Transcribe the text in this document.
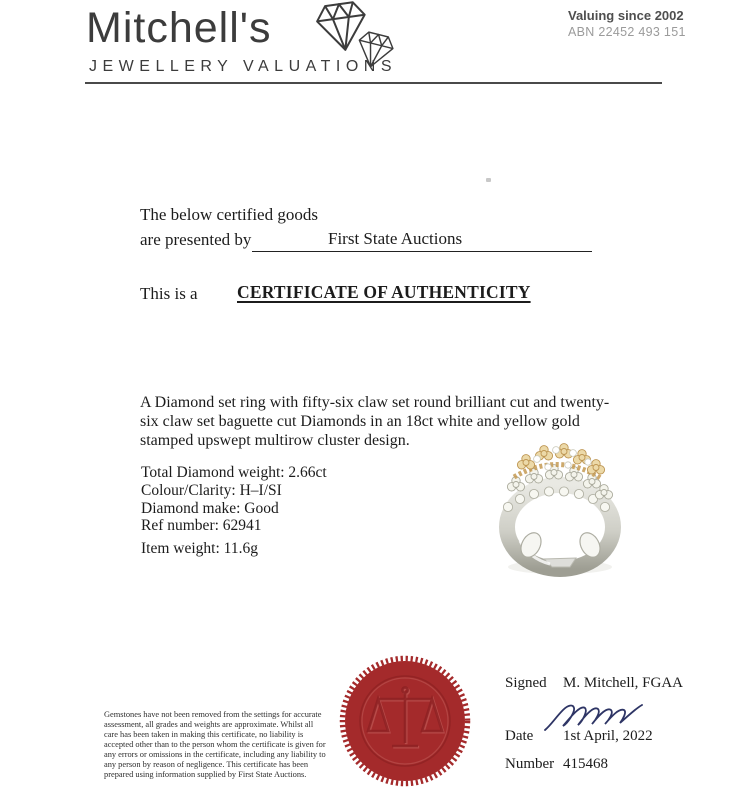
Mitchell's
JEWELLERY VALUATIONS
Valuing since 2002
ABN 22452 493 151
The below certified goods
are presented by	First State Auctions
This is a CERTIFICATE OF AUTHENTICITY
A Diamond set ring with fifty-six claw set round brilliant cut and twenty-six claw set baguette cut Diamonds in an 18ct white and yellow gold stamped upswept multirow cluster design.
Total Diamond weight: 2.66ct
Colour/Clarity: H–I/SI
Diamond make: Good
Ref number: 62941
Item weight: 11.6g
Gemstones have not been removed from the settings for accurate assessment, all grades and weights are approximate. Whilst all care has been taken in making this certificate, no liability is accepted other than to the person whom the certificate is given for any errors or omissions in the certificate, including any liability to any person by reason of negligence. This certificate has been prepared using information supplied by First State Auctions.
Signed M. Mitchell, FGAA
Date 1st April, 2022
Number 415468
